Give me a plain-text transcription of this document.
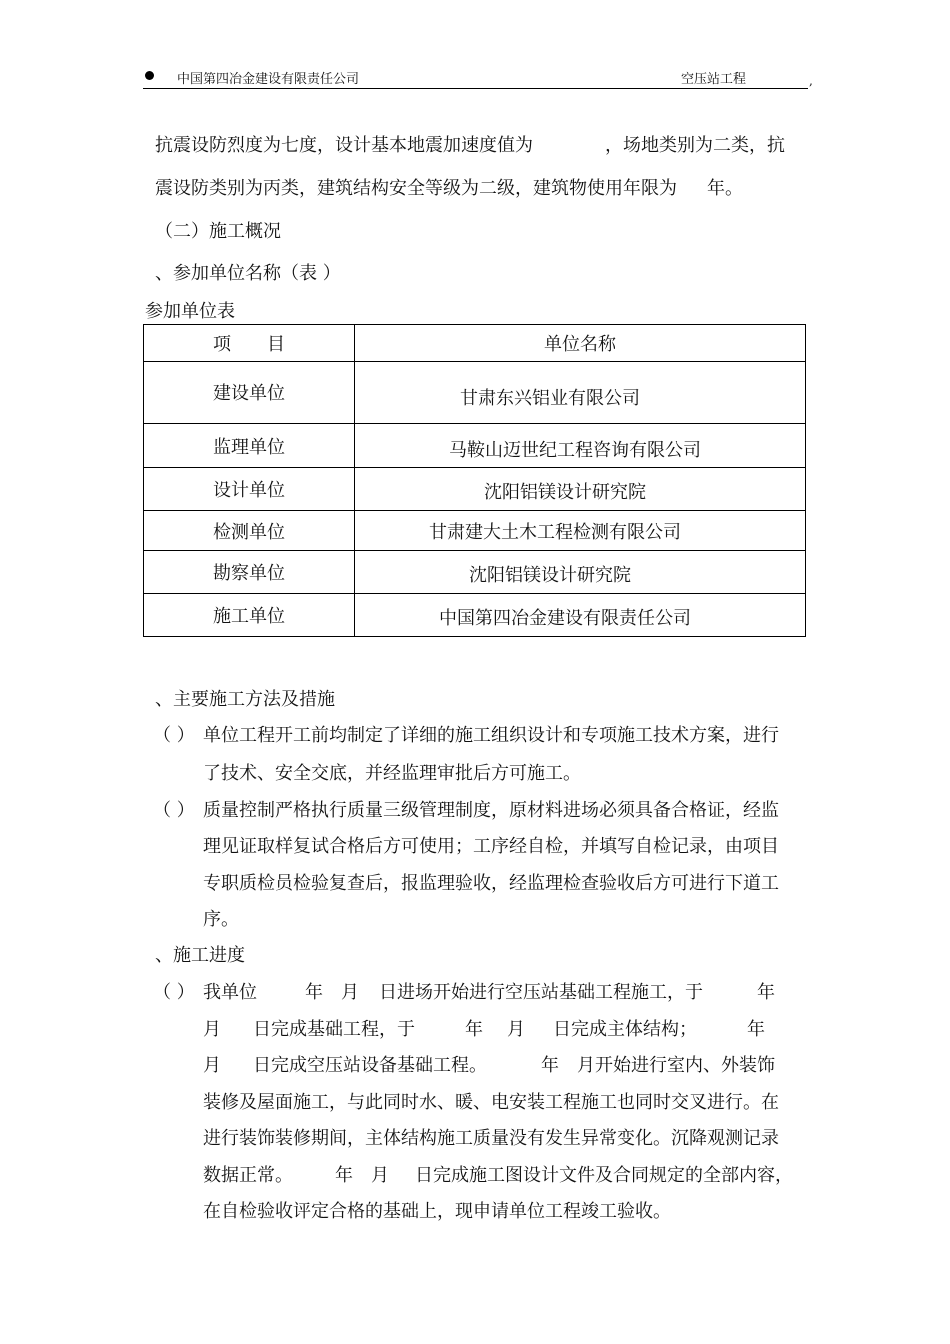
中国第四冶金建设有限责任公司	空压站工程	,
抗震设防烈度为七度，设计基本地震加速度值为	，场地类别为二类，抗
震设防类别为丙类，建筑结构安全等级为二级，建筑物使用年限为 年。
（二）施工概况
、参加单位名称（表 ）
参加单位表
项　　目	单位名称
建设单位	甘肃东兴铝业有限公司
监理单位	马鞍山迈世纪工程咨询有限公司
设计单位	沈阳铝镁设计研究院
检测单位	甘肃建大土木工程检测有限公司
勘察单位	沈阳铝镁设计研究院
施工单位	中国第四冶金建设有限责任公司
、主要施工方法及措施
（ ） 单位工程开工前均制定了详细的施工组织设计和专项施工技术方案，进行
了技术、安全交底，并经监理审批后方可施工。
（ ） 质量控制严格执行质量三级管理制度，原材料进场必须具备合格证，经监
理见证取样复试合格后方可使用；工序经自检，并填写自检记录，由项目
专职质检员检验复查后，报监理验收，经监理检查验收后方可进行下道工
序。
、施工进度
（ ） 我单位	年 月 日进场开始进行空压站基础工程施工，于	年
月 日完成基础工程，于	年 月 日完成主体结构；	年
月 日完成空压站设备基础工程。	年 月开始进行室内、外装饰
装修及屋面施工，与此同时水、暖、电安装工程施工也同时交叉进行。在
进行装饰装修期间，主体结构施工质量没有发生异常变化。沉降观测记录
数据正常。 年 月 日完成施工图设计文件及合同规定的全部内容，
在自检验收评定合格的基础上，现申请单位工程竣工验收。
